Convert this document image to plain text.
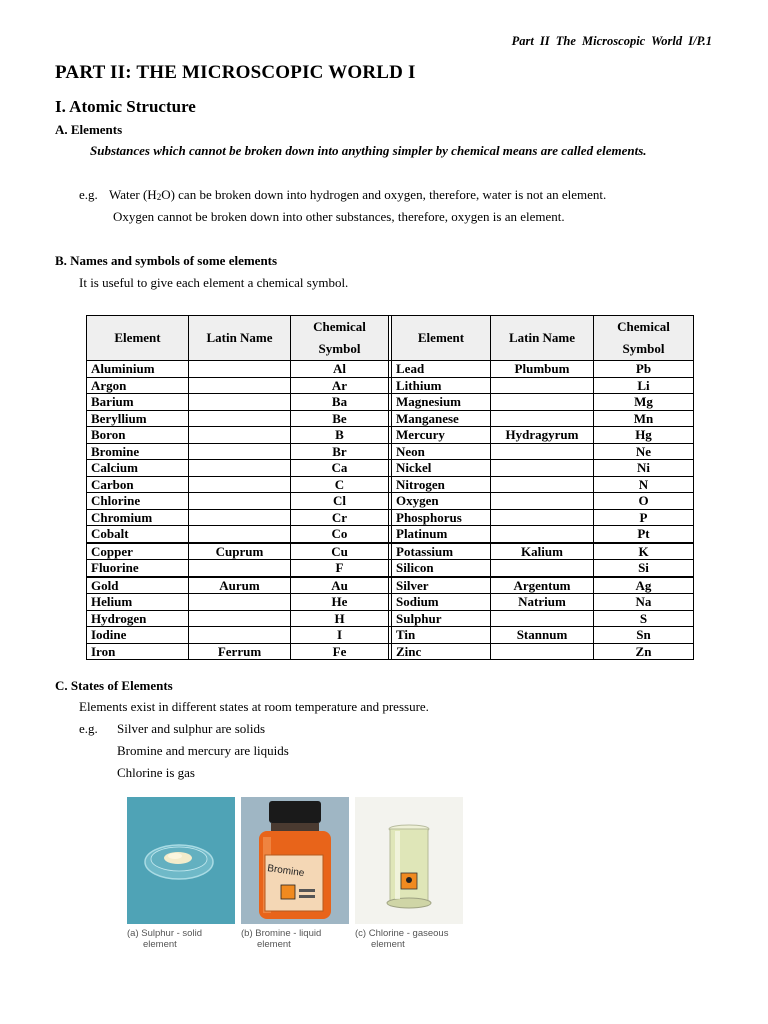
Part II The Microscopic World I/P.1
PART II: THE MICROSCOPIC WORLD I
I. Atomic Structure
A. Elements
Substances which cannot be broken down into anything simpler by chemical means are called elements.
e.g. Water $(H_2O)$ can be broken down into hydrogen and oxygen, therefore, water is not an element.
Oxygen cannot be broken down into other substances, therefore, oxygen is an element.
B. Names and symbols of some elements
It is useful to give each element a chemical symbol.
Element	Latin Name	Chemical Symbol		Element	Latin Name	Chemical Symbol
Aluminium		Al		Lead	Plumbum	Pb
Argon		Ar		Lithium		Li
Barium		Ba		Magnesium		Mg
Beryllium		Be		Manganese		Mn
Boron		B		Mercury	Hydragyrum	Hg
Bromine		Br		Neon		Ne
Calcium		Ca		Nickel		Ni
Carbon		C		Nitrogen		N
Chlorine		Cl		Oxygen		O
Chromium		Cr		Phosphorus		P
Cobalt		Co		Platinum		Pt
Copper	Cuprum	Cu		Potassium	Kalium	K
Fluorine		F		Silicon		Si
Gold	Aurum	Au		Silver	Argentum	Ag
Helium		He		Sodium	Natrium	Na
Hydrogen		H		Sulphur		S
Iodine		I		Tin	Stannum	Sn
Iron	Ferrum	Fe		Zinc		Zn
C. States of Elements
Elements exist in different states at room temperature and pressure.
e.g. Silver and sulphur are solids
Bromine and mercury are liquids
Chlorine is gas
Bromine
(a) Sulphur - solid
element
(b) Bromine - liquid
element
(c) Chlorine - gaseous
element
